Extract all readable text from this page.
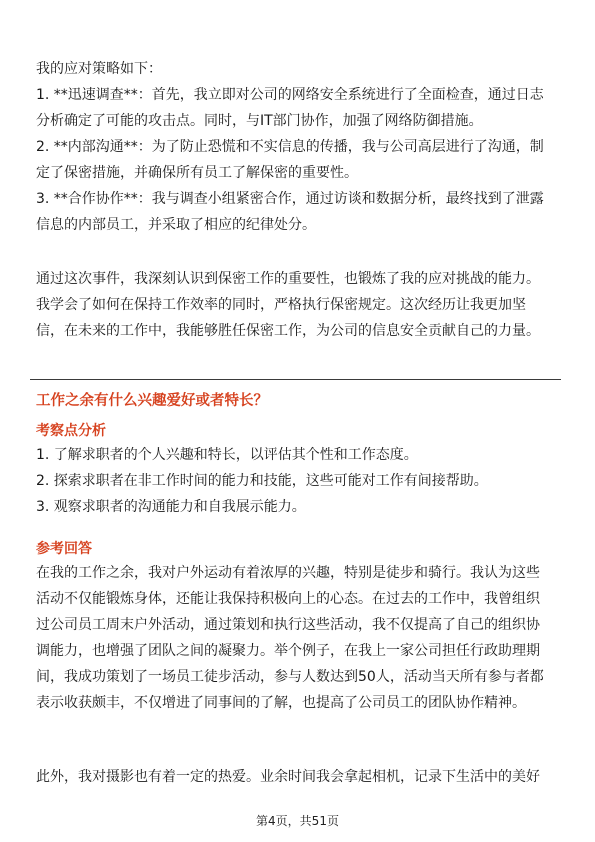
我的应对策略如下：

1. **迅速调查**：首先，我立即对公司的网络安全系统进行了全面检查，通过日志

分析确定了可能的攻击点。同时，与IT部门协作，加强了网络防御措施。

2. **内部沟通**：为了防止恐慌和不实信息的传播，我与公司高层进行了沟通，制

定了保密措施，并确保所有员工了解保密的重要性。

3. **合作协作**：我与调查小组紧密合作，通过访谈和数据分析，最终找到了泄露

信息的内部员工，并采取了相应的纪律处分。

通过这次事件，我深刻认识到保密工作的重要性，也锻炼了我的应对挑战的能力。

我学会了如何在保持工作效率的同时，严格执行保密规定。这次经历让我更加坚

信，在未来的工作中，我能够胜任保密工作，为公司的信息安全贡献自己的力量。

工作之余有什么兴趣爱好或者特长？

考察点分析

1. 了解求职者的个人兴趣和特长，以评估其个性和工作态度。

2. 探索求职者在非工作时间的能力和技能，这些可能对工作有间接帮助。

3. 观察求职者的沟通能力和自我展示能力。

参考回答

在我的工作之余，我对户外运动有着浓厚的兴趣，特别是徒步和骑行。我认为这些

活动不仅能锻炼身体，还能让我保持积极向上的心态。在过去的工作中，我曾组织

过公司员工周末户外活动，通过策划和执行这些活动，我不仅提高了自己的组织协

调能力，也增强了团队之间的凝聚力。举个例子，在我上一家公司担任行政助理期

间，我成功策划了一场员工徒步活动，参与人数达到50人，活动当天所有参与者都

表示收获颇丰，不仅增进了同事间的了解，也提高了公司员工的团队协作精神。

此外，我对摄影也有着一定的热爱。业余时间我会拿起相机，记录下生活中的美好

第4页，共51页
